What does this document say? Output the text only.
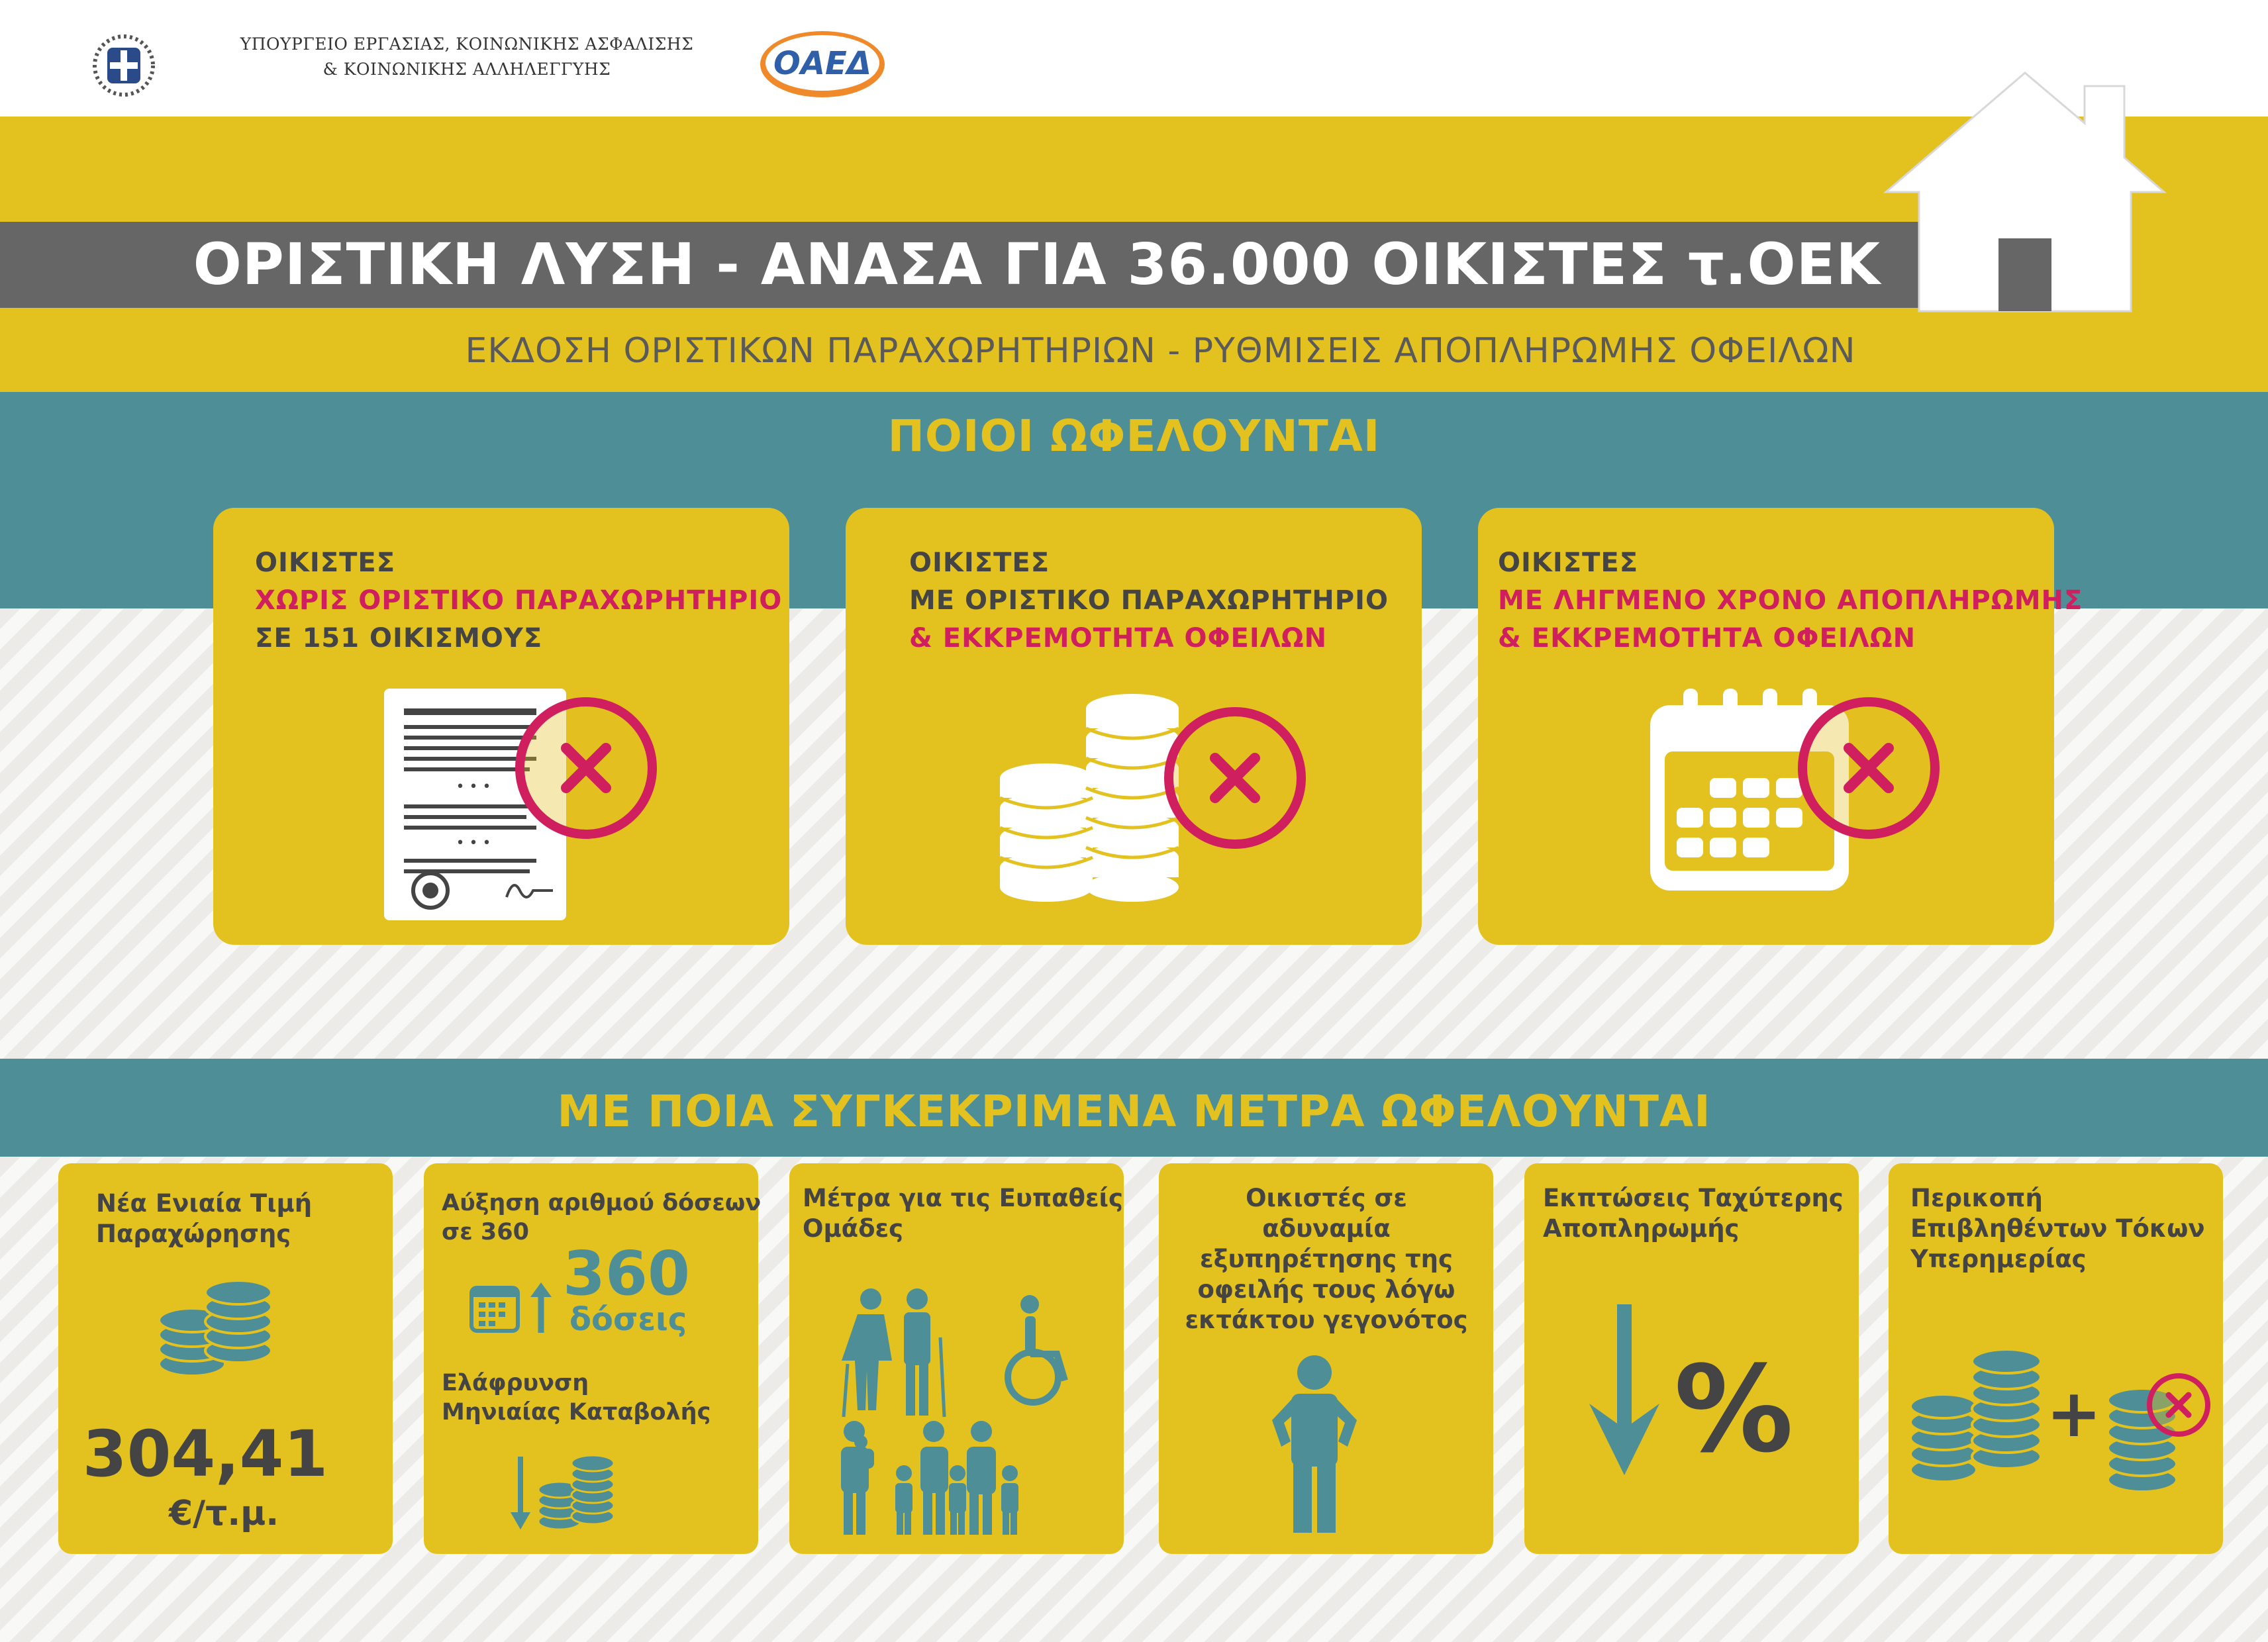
ΥΠΟΥΡΓΕΙΟ ΕΡΓΑΣΙΑΣ, ΚΟΙΝΩΝΙΚΗΣ ΑΣΦΑΛΙΣΗΣ
& ΚΟΙΝΩΝΙΚΗΣ ΑΛΛΗΛΕΓΓΥΗΣ	ΟΑΕΔ
ΟΡΙΣΤΙΚΗ ΛΥΣΗ - ΑΝΑΣΑ ΓΙΑ 36.000 ΟΙΚΙΣΤΕΣ τ.ΟΕΚ
ΕΚΔΟΣΗ ΟΡΙΣΤΙΚΩΝ ΠΑΡΑΧΩΡΗΤΗΡΙΩΝ - ΡΥΘΜΙΣΕΙΣ ΑΠΟΠΛΗΡΩΜΗΣ ΟΦΕΙΛΩΝ
ΠΟΙΟΙ ΩΦΕΛΟΥΝΤΑΙ
ΟΙΚΙΣΤΕΣ
ΧΩΡΙΣ ΟΡΙΣΤΙΚΟ ΠΑΡΑΧΩΡΗΤΗΡΙΟ
ΣΕ 151 ΟΙΚΙΣΜΟΥΣ
• • •
• • •
ΟΙΚΙΣΤΕΣ
ΜΕ ΟΡΙΣΤΙΚΟ ΠΑΡΑΧΩΡΗΤΗΡΙΟ
& ΕΚΚΡΕΜΟΤΗΤΑ ΟΦΕΙΛΩΝ
ΟΙΚΙΣΤΕΣ
ΜΕ ΛΗΓΜΕΝΟ ΧΡΟΝΟ ΑΠΟΠΛΗΡΩΜΗΣ
& ΕΚΚΡΕΜΟΤΗΤΑ ΟΦΕΙΛΩΝ
ΜΕ ΠΟΙΑ ΣΥΓΚΕΚΡΙΜΕΝΑ ΜΕΤΡΑ ΩΦΕΛΟΥΝΤΑΙ
Νέα Ενιαία Τιμή
Παραχώρησης
304,41
€/τ.μ.
Αύξηση αριθμού δόσεων
σε 360
360
δόσεις
Ελάφρυνση
Μηνιαίας Καταβολής
Μέτρα για τις Ευπαθείς
Ομάδες
Οικιστές σε αδυναμία
εξυπηρέτησης της
οφειλής τους λόγω
εκτάκτου γεγονότος
Εκπτώσεις Ταχύτερης
Αποπληρωμής
%
Περικοπή
Επιβληθέντων Τόκων
Υπερημερίας
+
